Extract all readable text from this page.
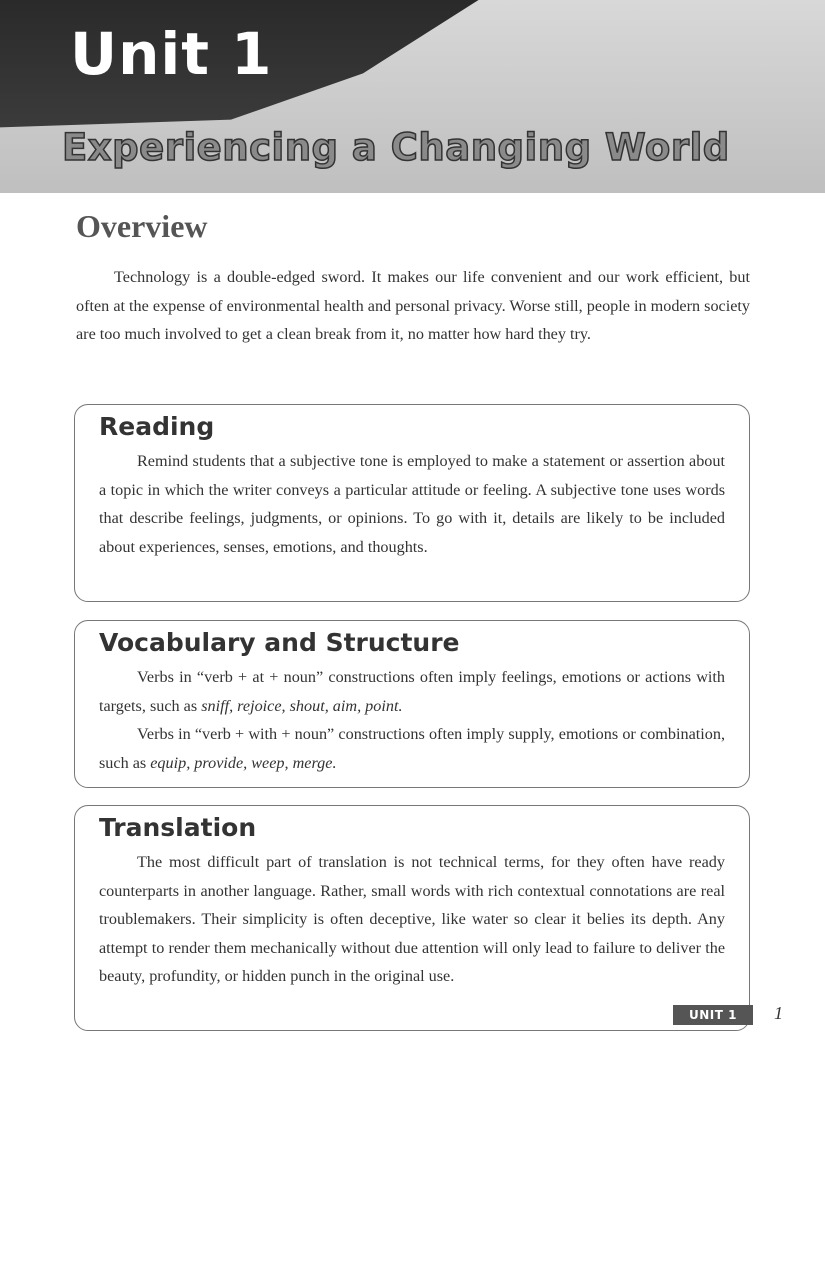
Unit 1
Experiencing a Changing World
Overview

Technology is a double-edged sword. It makes our life convenient and our work efficient, but often at the expense of environmental health and personal privacy. Worse still, people in modern society are too much involved to get a clean break from it, no matter how hard they try.

Reading

Remind students that a subjective tone is employed to make a statement or assertion about a topic in which the writer conveys a particular attitude or feeling. A subjective tone uses words that describe feelings, judgments, or opinions. To go with it, details are likely to be included about experiences, senses, emotions, and thoughts.

Vocabulary and Structure

Verbs in “verb + at + noun” constructions often imply feelings, emotions or actions with targets, such as sniff, rejoice, shout, aim, point.

Verbs in “verb + with + noun” constructions often imply supply, emotions or combination, such as equip, provide, weep, merge.

Translation

The most difficult part of translation is not technical terms, for they often have ready counterparts in another language. Rather, small words with rich contextual connotations are real troublemakers. Their simplicity is often deceptive, like water so clear it belies its depth. Any attempt to render them mechanically without due attention will only lead to failure to deliver the beauty, profundity, or hidden punch in the original use.

UNIT 1	1
